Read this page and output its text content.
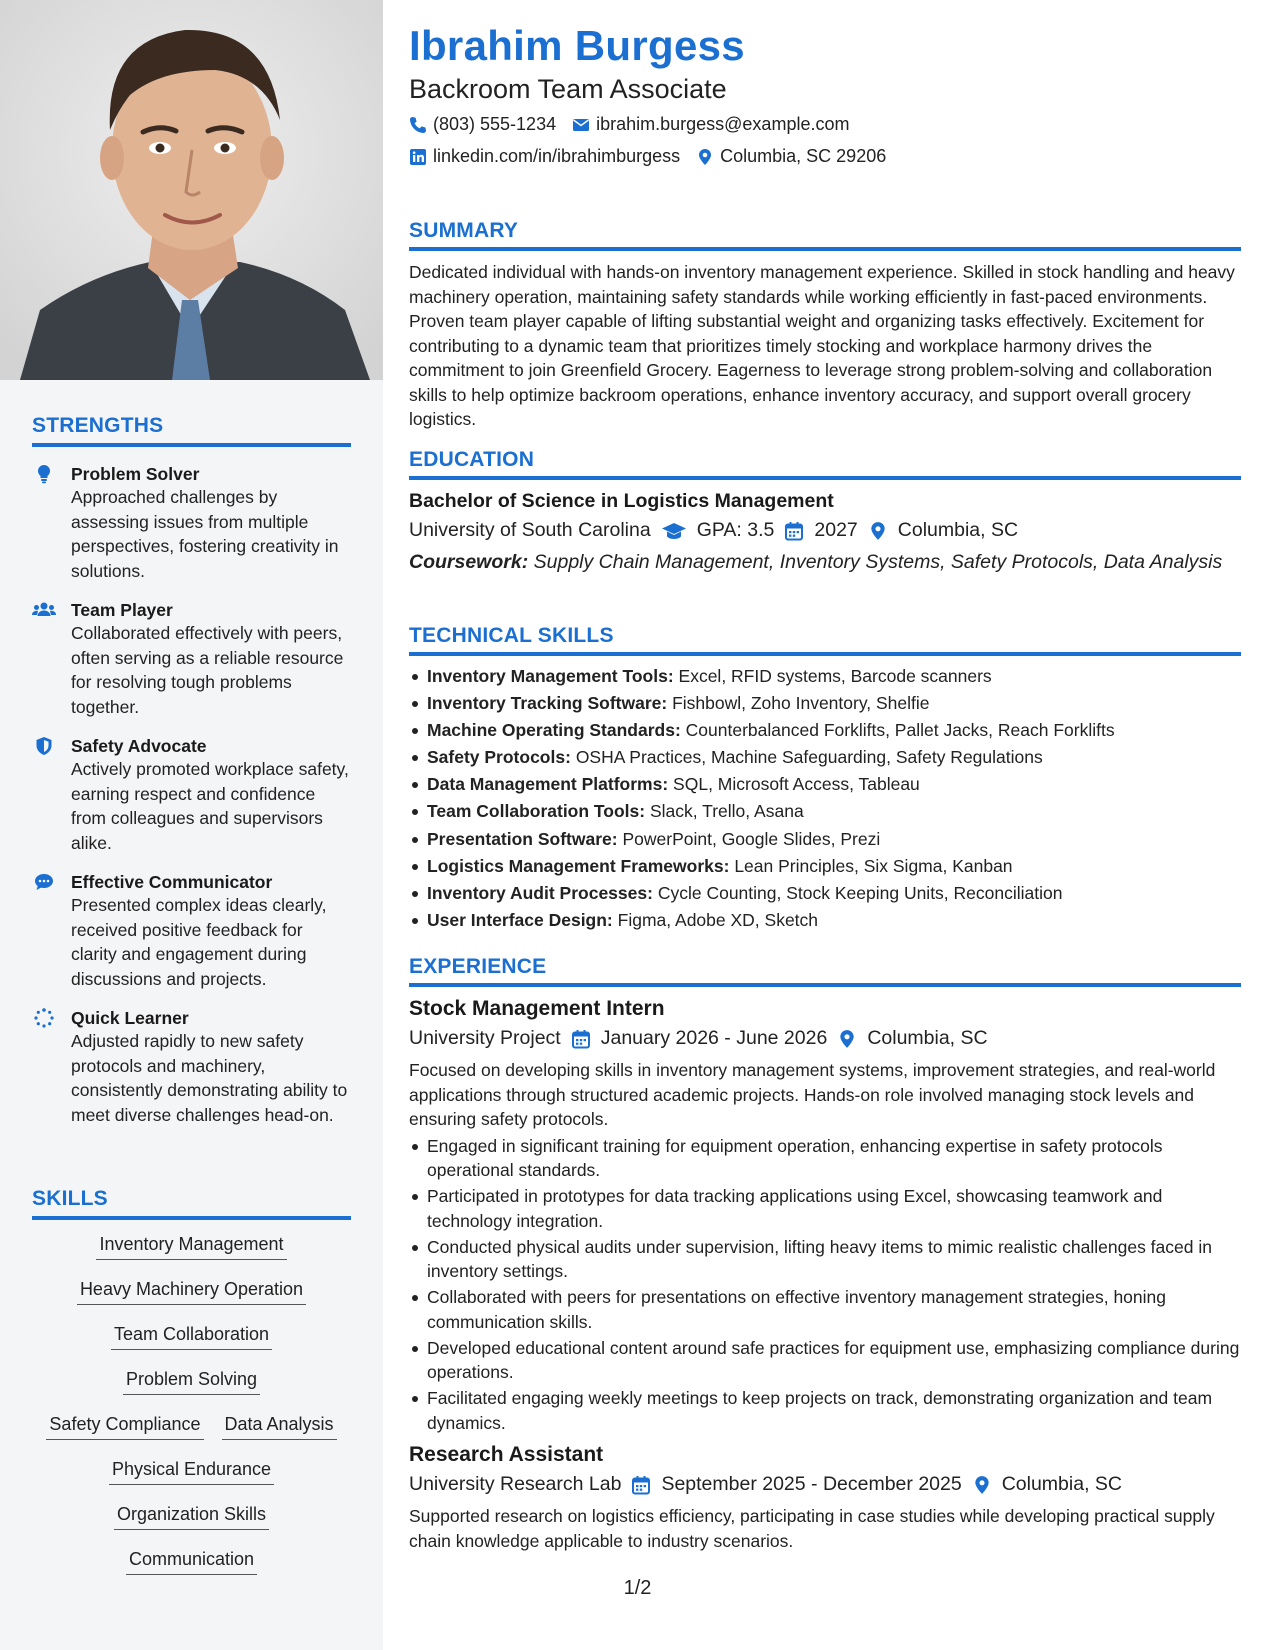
STRENGTHS
Problem Solver
Approached challenges by assessing issues from multiple perspectives, fostering creativity in solutions.
Team Player
Collaborated effectively with peers, often serving as a reliable resource for resolving tough problems together.
Safety Advocate
Actively promoted workplace safety, earning respect and confidence from colleagues and supervisors alike.
Effective Communicator
Presented complex ideas clearly, received positive feedback for clarity and engagement during discussions and projects.
Quick Learner
Adjusted rapidly to new safety protocols and machinery, consistently demonstrating ability to meet diverse challenges head-on.
SKILLS
Inventory Management
Heavy Machinery Operation
Team Collaboration
Problem Solving
Safety Compliance Data Analysis
Physical Endurance
Organization Skills
Communication
Ibrahim Burgess
Backroom Team Associate
(803) 555-1234 ibrahim.burgess@example.com
linkedin.com/in/ibrahimburgess Columbia, SC 29206
SUMMARY
Dedicated individual with hands-on inventory management experience. Skilled in stock handling and heavy machinery operation, maintaining safety standards while working efficiently in fast-paced environments. Proven team player capable of lifting substantial weight and organizing tasks effectively. Excitement for contributing to a dynamic team that prioritizes timely stocking and workplace harmony drives the commitment to join Greenfield Grocery. Eagerness to leverage strong problem-solving and collaboration skills to help optimize backroom operations, enhance inventory accuracy, and support overall grocery logistics.
EDUCATION
Bachelor of Science in Logistics Management
University of South Carolina GPA: 3.5 2027 Columbia, SC
Coursework: Supply Chain Management, Inventory Systems, Safety Protocols, Data Analysis
TECHNICAL SKILLS
Inventory Management Tools: Excel, RFID systems, Barcode scanners
Inventory Tracking Software: Fishbowl, Zoho Inventory, Shelfie
Machine Operating Standards: Counterbalanced Forklifts, Pallet Jacks, Reach Forklifts
Safety Protocols: OSHA Practices, Machine Safeguarding, Safety Regulations
Data Management Platforms: SQL, Microsoft Access, Tableau
Team Collaboration Tools: Slack, Trello, Asana
Presentation Software: PowerPoint, Google Slides, Prezi
Logistics Management Frameworks: Lean Principles, Six Sigma, Kanban
Inventory Audit Processes: Cycle Counting, Stock Keeping Units, Reconciliation
User Interface Design: Figma, Adobe XD, Sketch
EXPERIENCE
Stock Management Intern
University Project January 2026 - June 2026 Columbia, SC
Focused on developing skills in inventory management systems, improvement strategies, and real-world applications through structured academic projects. Hands-on role involved managing stock levels and ensuring safety protocols.
Engaged in significant training for equipment operation, enhancing expertise in safety protocols operational standards.
Participated in prototypes for data tracking applications using Excel, showcasing teamwork and technology integration.
Conducted physical audits under supervision, lifting heavy items to mimic realistic challenges faced in inventory settings.
Collaborated with peers for presentations on effective inventory management strategies, honing communication skills.
Developed educational content around safe practices for equipment use, emphasizing compliance during operations.
Facilitated engaging weekly meetings to keep projects on track, demonstrating organization and team dynamics.
Research Assistant
University Research Lab September 2025 - December 2025 Columbia, SC
Supported research on logistics efficiency, participating in case studies while developing practical supply chain knowledge applicable to industry scenarios.
1/2
